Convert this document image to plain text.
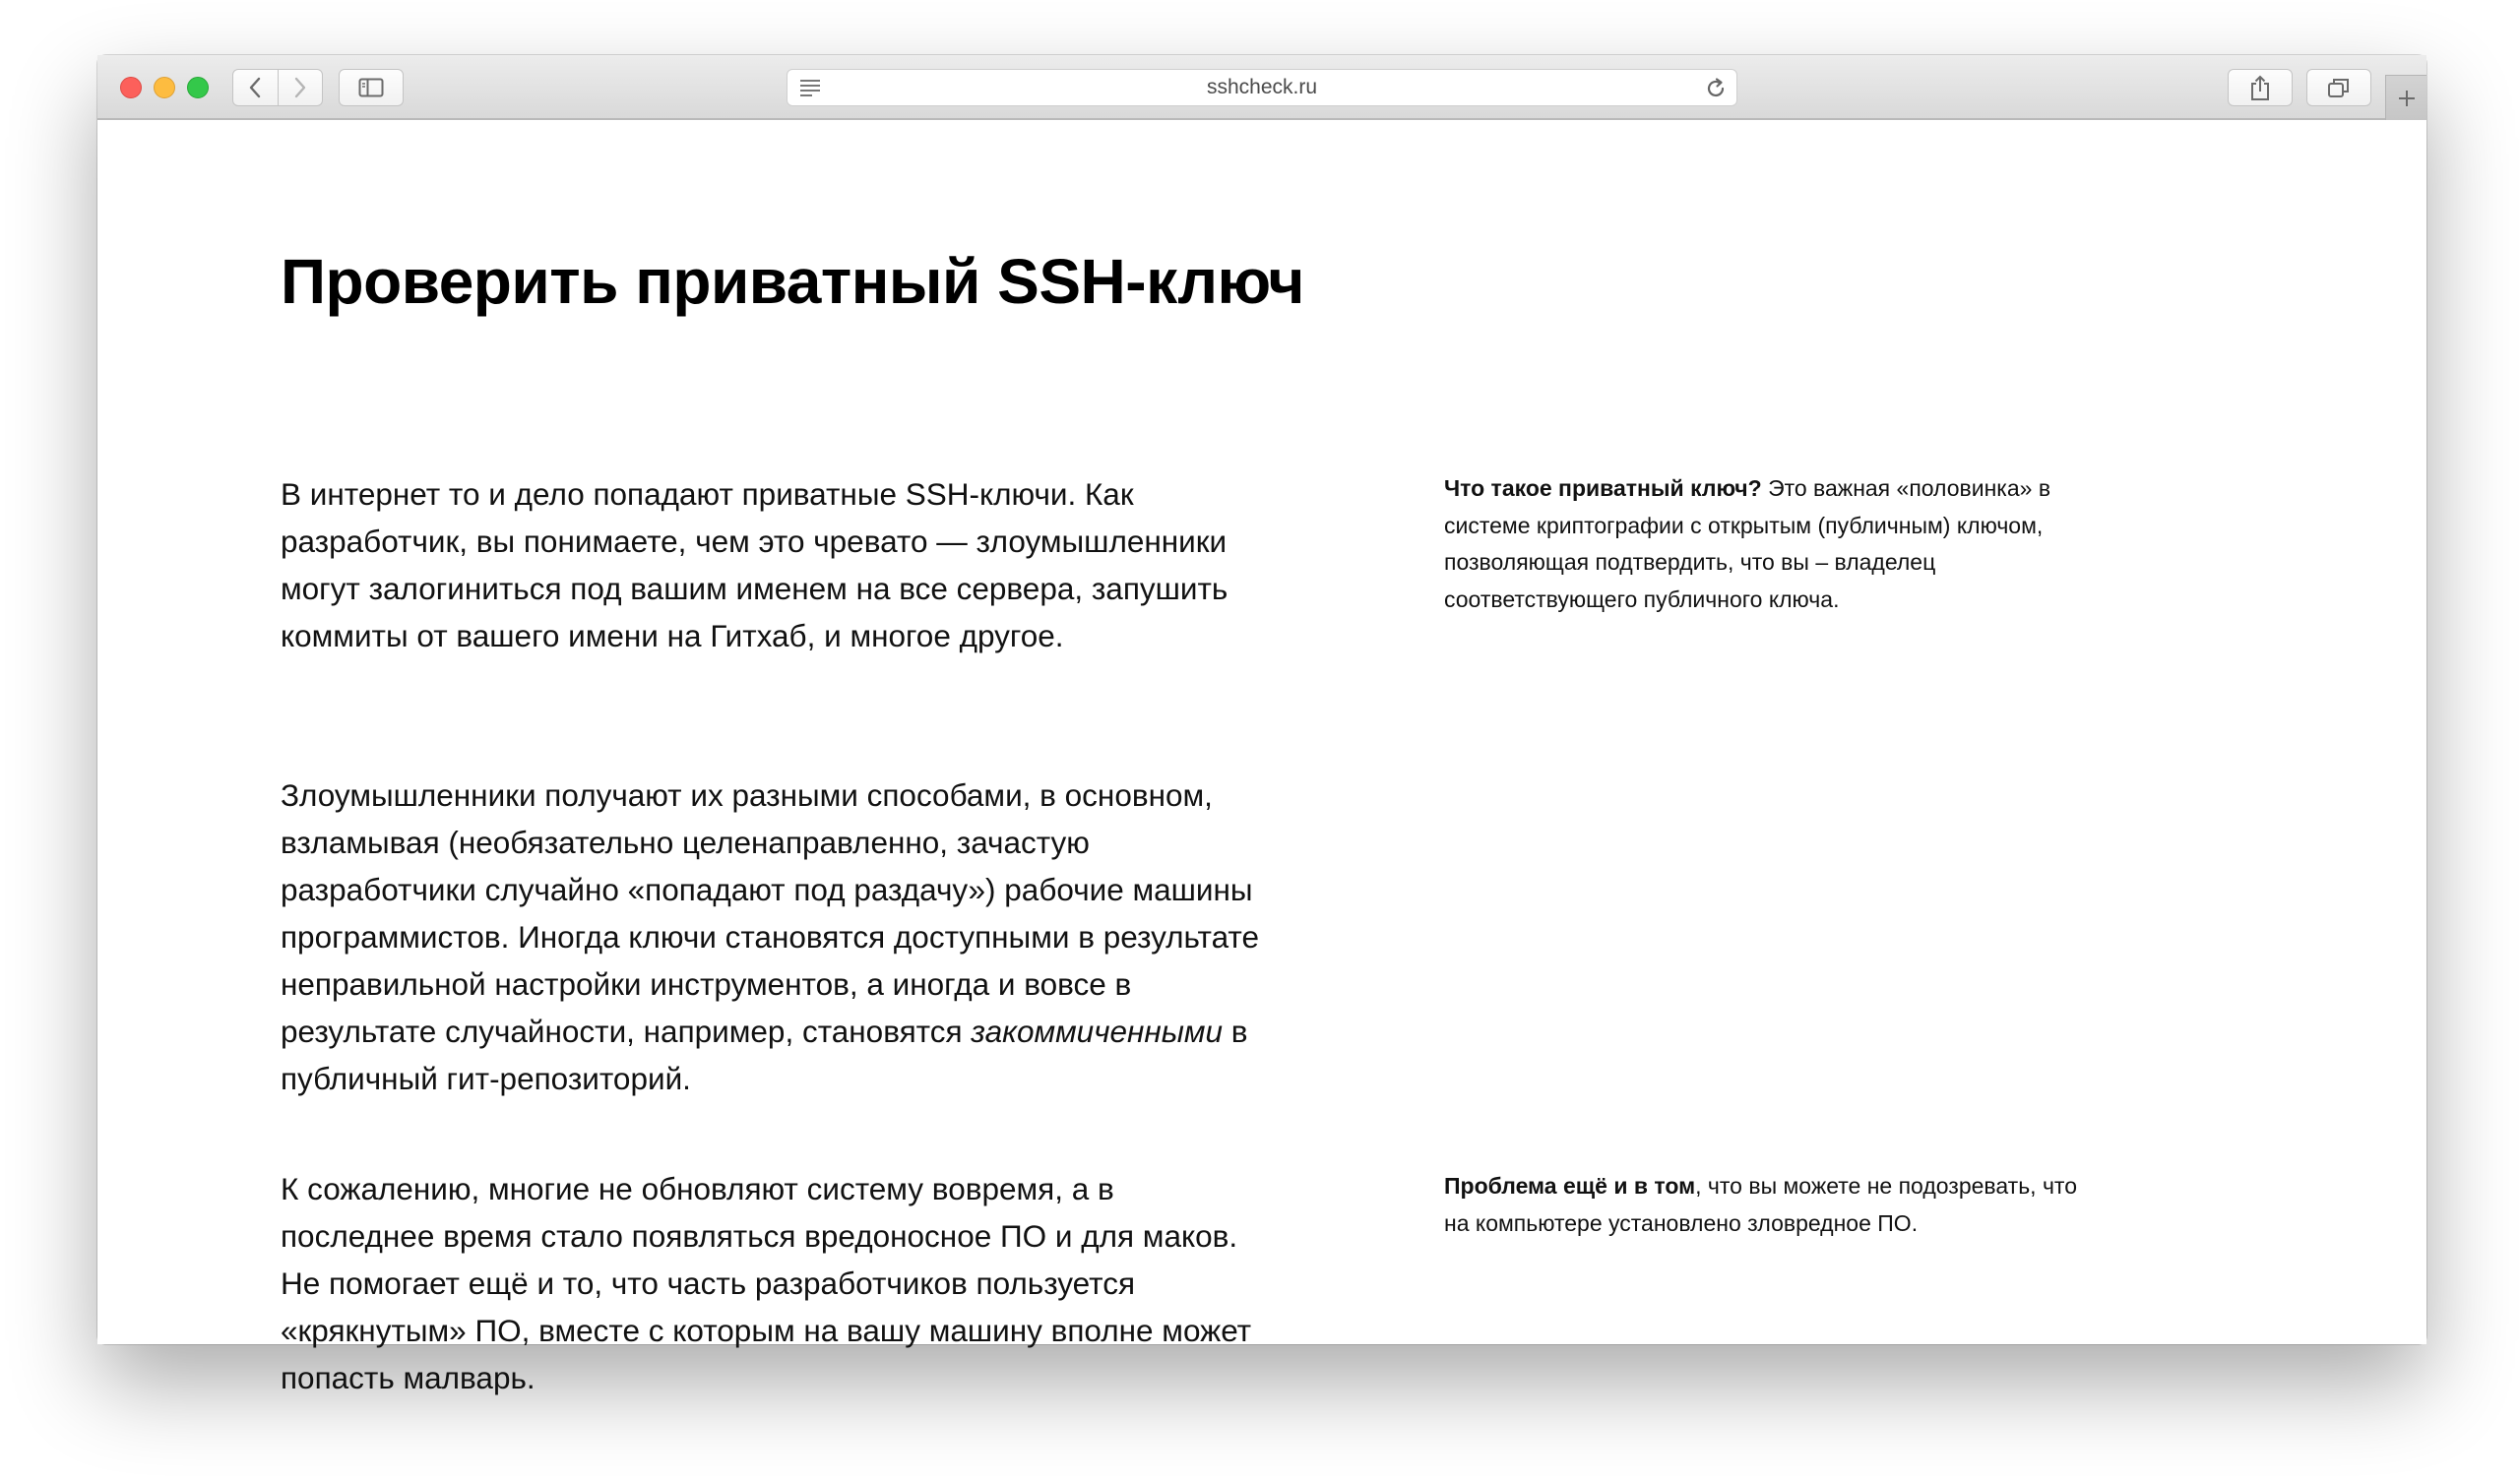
sshcheck.ru
Проверить приватный SSH-ключ

В интернет то и дело попадают приватные SSH-ключи. Как разработчик, вы понимаете, чем это чревато — злоумышленники могут залогиниться под вашим именем на все сервера, запушить коммиты от вашего имени на Гитхаб, и многое другое.

Злоумышленники получают их разными способами, в основном, взламывая (необязательно целенаправленно, зачастую разработчики случайно «попадают под раздачу») рабочие машины программистов. Иногда ключи становятся доступными в результате неправильной настройки инструментов, а иногда и вовсе в результате случайности, например, становятся закоммиченными в публичный гит-репозиторий.

К сожалению, многие не обновляют систему вовремя, а в последнее время стало появляться вредоносное ПО и для маков. Не помогает ещё и то, что часть разработчиков пользуется «крякнутым» ПО, вместе с которым на вашу машину вполне может попасть малварь.

Что такое приватный ключ? Это важная «половинка» в системе криптографии с открытым (публичным) ключом, позволяющая подтвердить, что вы – владелец соответствующего публичного ключа.

Проблема ещё и в том, что вы можете не подозревать, что на компьютере установлено зловредное ПО.
